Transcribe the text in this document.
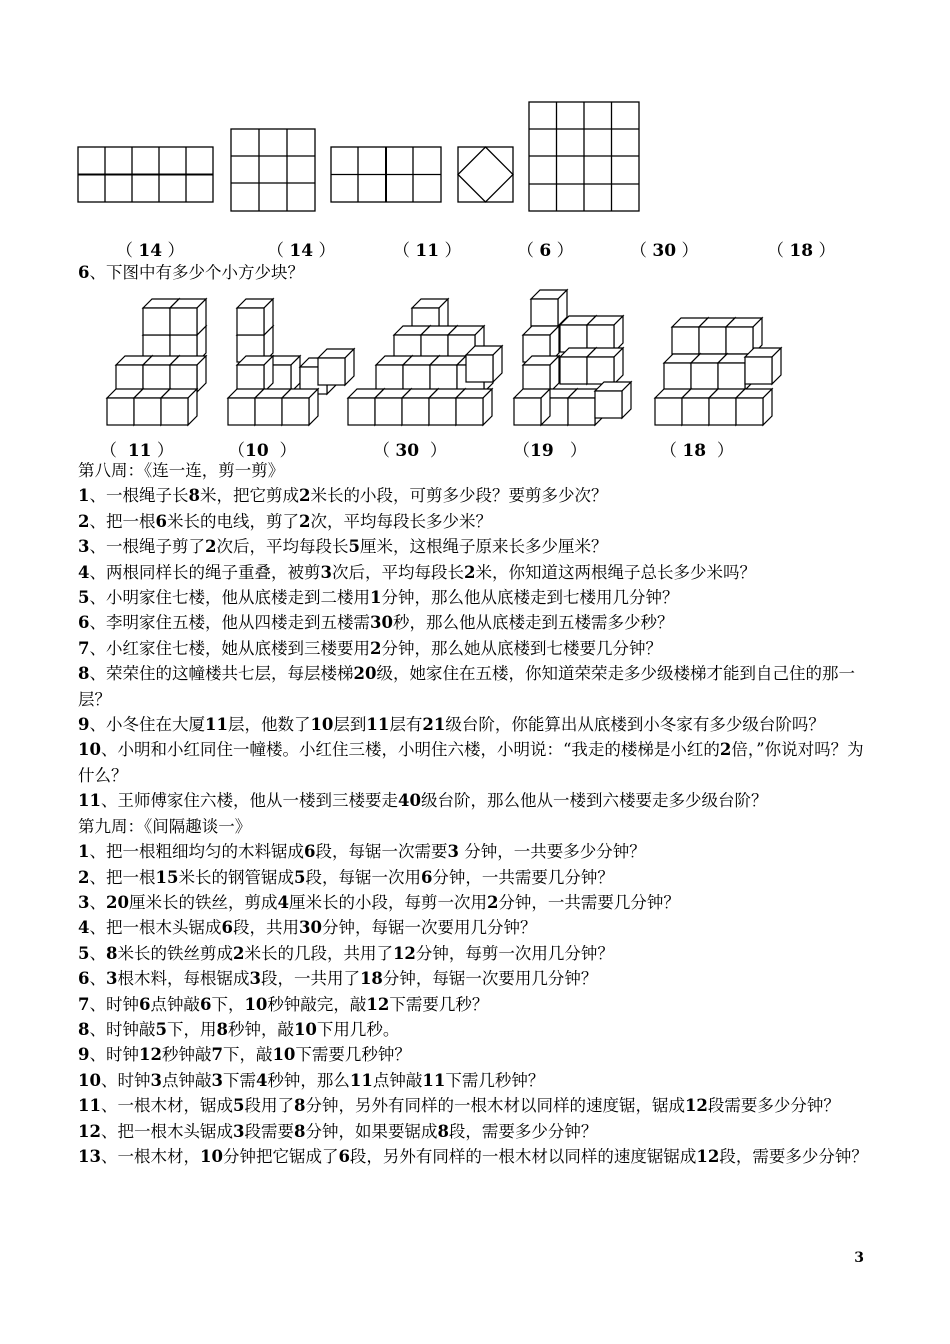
（ 14 ）	（ 14 ）	（ 11 ）	（ 6 ）	（ 30 ）	（ 18 ）
6、下图中有多少个小方少块？
（  11 ）	（10  ）	（ 30  ）	（19   ）	（ 18  ）
第八周：《连一连，剪一剪》
1、一根绳子长8米，把它剪成2米长的小段，可剪多少段？要剪多少次？
2、把一根6米长的电线，剪了2次，平均每段长多少米？
3、一根绳子剪了2次后，平均每段长5厘米，这根绳子原来长多少厘米？
4、两根同样长的绳子重叠，被剪3次后，平均每段长2米，你知道这两根绳子总长多少米吗？
5、小明家住七楼，他从底楼走到二楼用1分钟，那么他从底楼走到七楼用几分钟？
6、李明家住五楼，他从四楼走到五楼需30秒，那么他从底楼走到五楼需多少秒？
7、小红家住七楼，她从底楼到三楼要用2分钟，那么她从底楼到七楼要几分钟？
8、荣荣住的这幢楼共七层，每层楼梯20级，她家住在五楼，你知道荣荣走多少级楼梯才能到自己住的那一层？
9、小冬住在大厦11层，他数了10层到11层有21级台阶，你能算出从底楼到小冬家有多少级台阶吗？
10、小明和小红同住一幢楼。小红住三楼，小明住六楼，小明说：“我走的楼梯是小红的2倍，”你说对吗？为什么？
11、王师傅家住六楼，他从一楼到三楼要走40级台阶，那么他从一楼到六楼要走多少级台阶？
第九周：《间隔趣谈一》
1、把一根粗细均匀的木料锯成6段，每锯一次需要3 分钟，一共要多少分钟？
2、把一根15米长的钢管锯成5段，每锯一次用6分钟，一共需要几分钟？
3、20厘米长的铁丝，剪成4厘米长的小段，每剪一次用2分钟，一共需要几分钟？
4、把一根木头锯成6段，共用30分钟，每锯一次要用几分钟？
5、8米长的铁丝剪成2米长的几段，共用了12分钟，每剪一次用几分钟？
6、3根木料，每根锯成3段，一共用了18分钟，每锯一次要用几分钟？
7、时钟6点钟敲6下，10秒钟敲完，敲12下需要几秒？
8、时钟敲5下，用8秒钟，敲10下用几秒。
9、时钟12秒钟敲7下，敲10下需要几秒钟？
10、时钟3点钟敲3下需4秒钟，那么11点钟敲11下需几秒钟？
11、一根木材，锯成5段用了8分钟，另外有同样的一根木材以同样的速度锯，锯成12段需要多少分钟？
12、把一根木头锯成3段需要8分钟，如果要锯成8段，需要多少分钟？
13、一根木材，10分钟把它锯成了6段，另外有同样的一根木材以同样的速度锯锯成12段，需要多少分钟？
3
